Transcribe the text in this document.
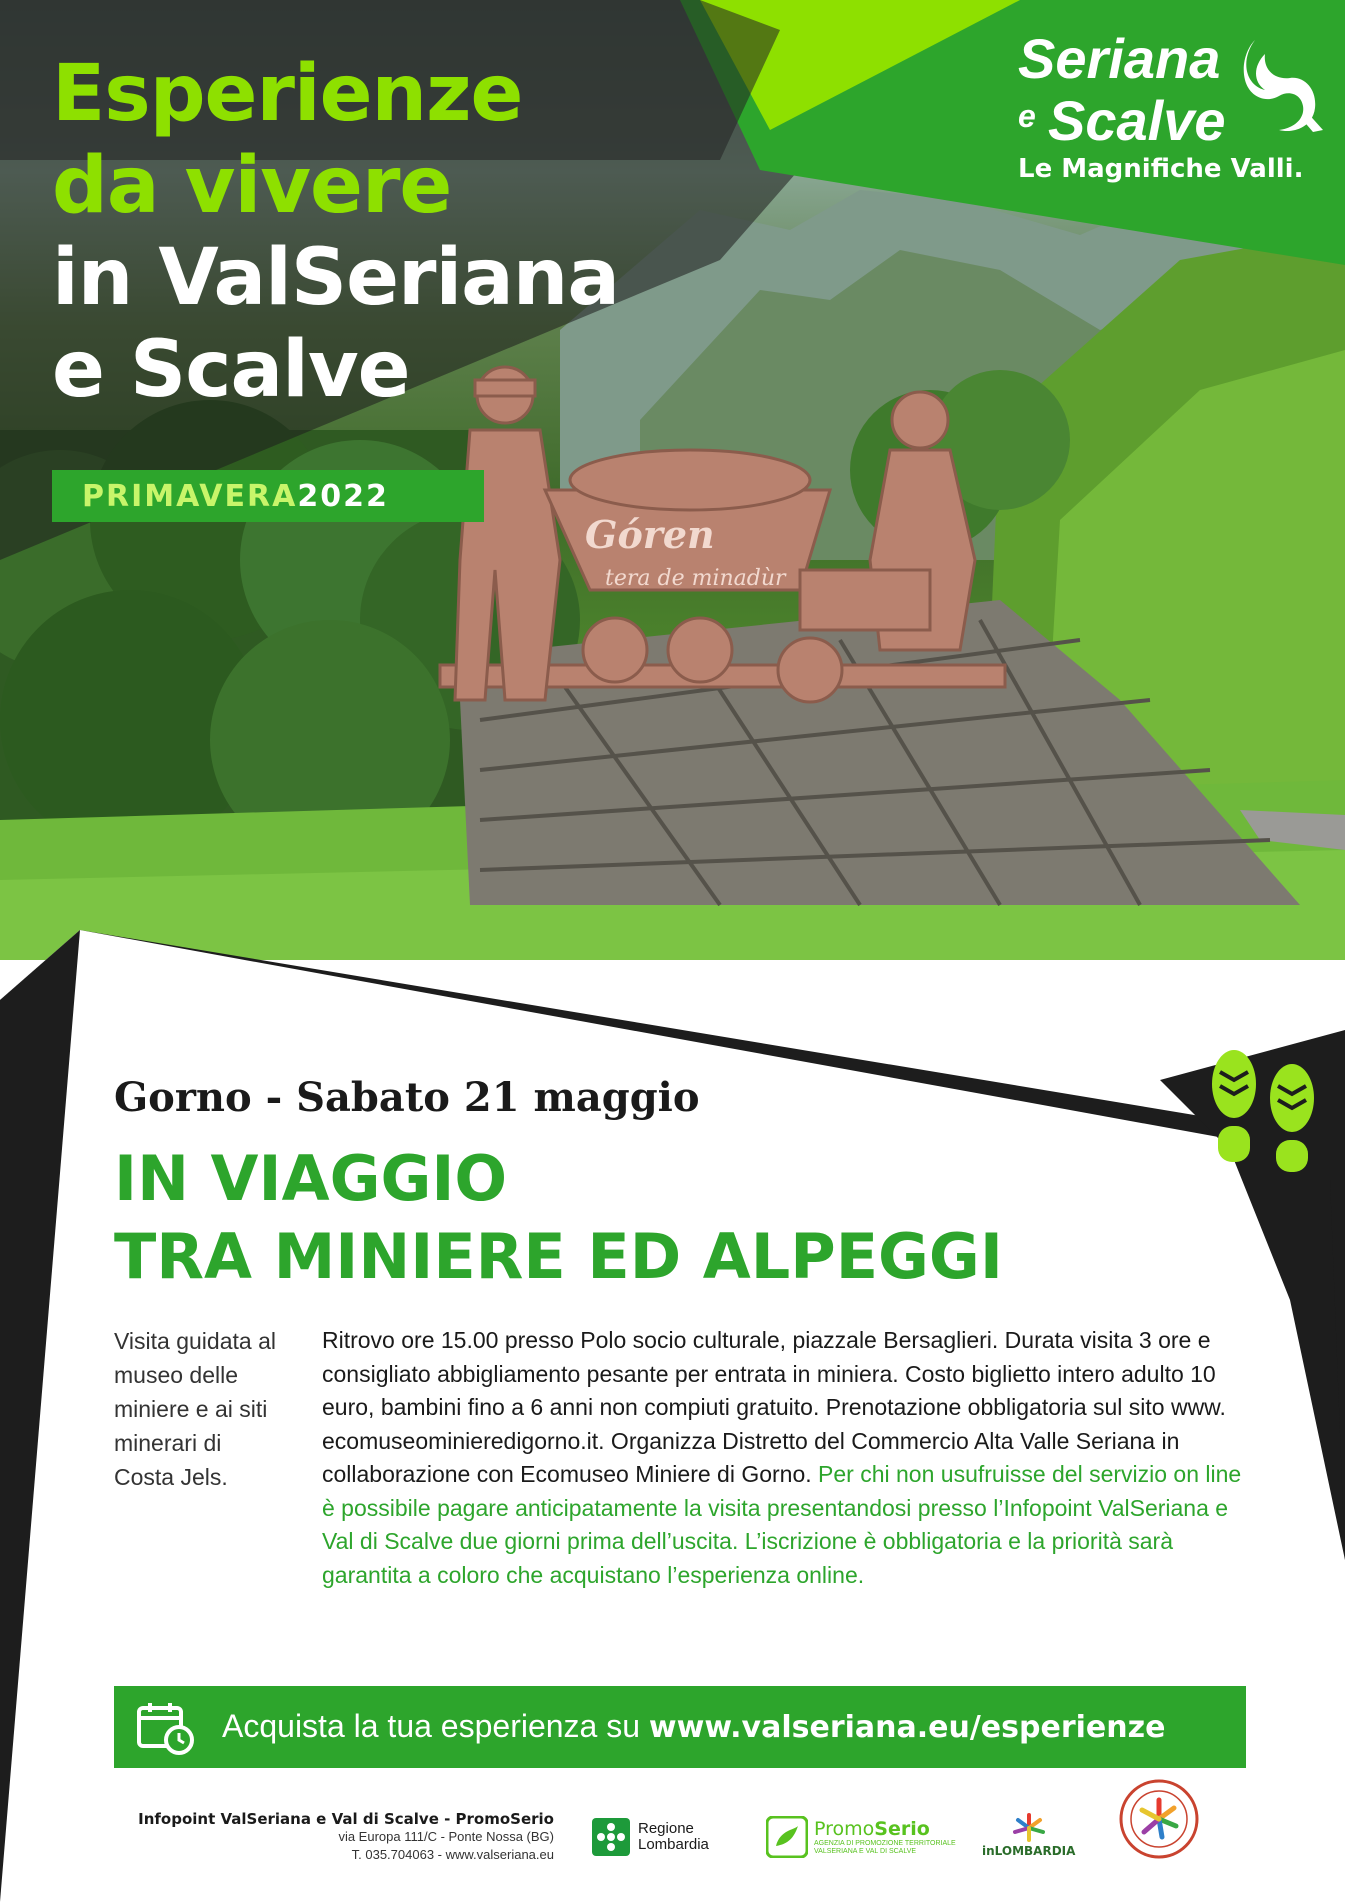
Gόren
tera de minadùr
Esperienze
da vivere
in ValSeriana
e Scalve
PRIMAVERA 2022
Seriana
e Scalve
Le Magnifiche Valli.
Gorno - Sabato 21 maggio
IN VIAGGIO
TRA MINIERE ED ALPEGGI
Visita guidata al museo delle miniere e ai siti minerari di Costa Jels.
Ritrovo ore 15.00 presso Polo socio culturale, piazzale Bersaglieri. Durata visita 3 ore e consigliato abbigliamento pesante per entrata in miniera. Costo biglietto intero adulto 10 euro, bambini fino a 6 anni non compiuti gratuito. Prenotazione obbligatoria sul sito www. ecomuseominieredigorno.it. Organizza Distretto del Commercio Alta Valle Seriana in collaborazione con Ecomuseo Miniere di Gorno. Per chi non usufruisse del servizio on line è possibile pagare anticipatamente la visita presentandosi presso l’Infopoint ValSeriana e Val di Scalve due giorni prima dell’uscita. L’iscrizione è obbligatoria e la priorità sarà garantita a coloro che acquistano l’esperienza online.
Acquista la tua esperienza su www.valseriana.eu/esperienze
Infopoint ValSeriana e Val di Scalve - PromoSerio
via Europa 111/C - Ponte Nossa (BG)
T. 035.704063 - www.valseriana.eu
Regione
Lombardia
PromoSerio
AGENZIA DI PROMOZIONE TERRITORIALE
VALSERIANA E VAL DI SCALVE	inLOMBARDIA
